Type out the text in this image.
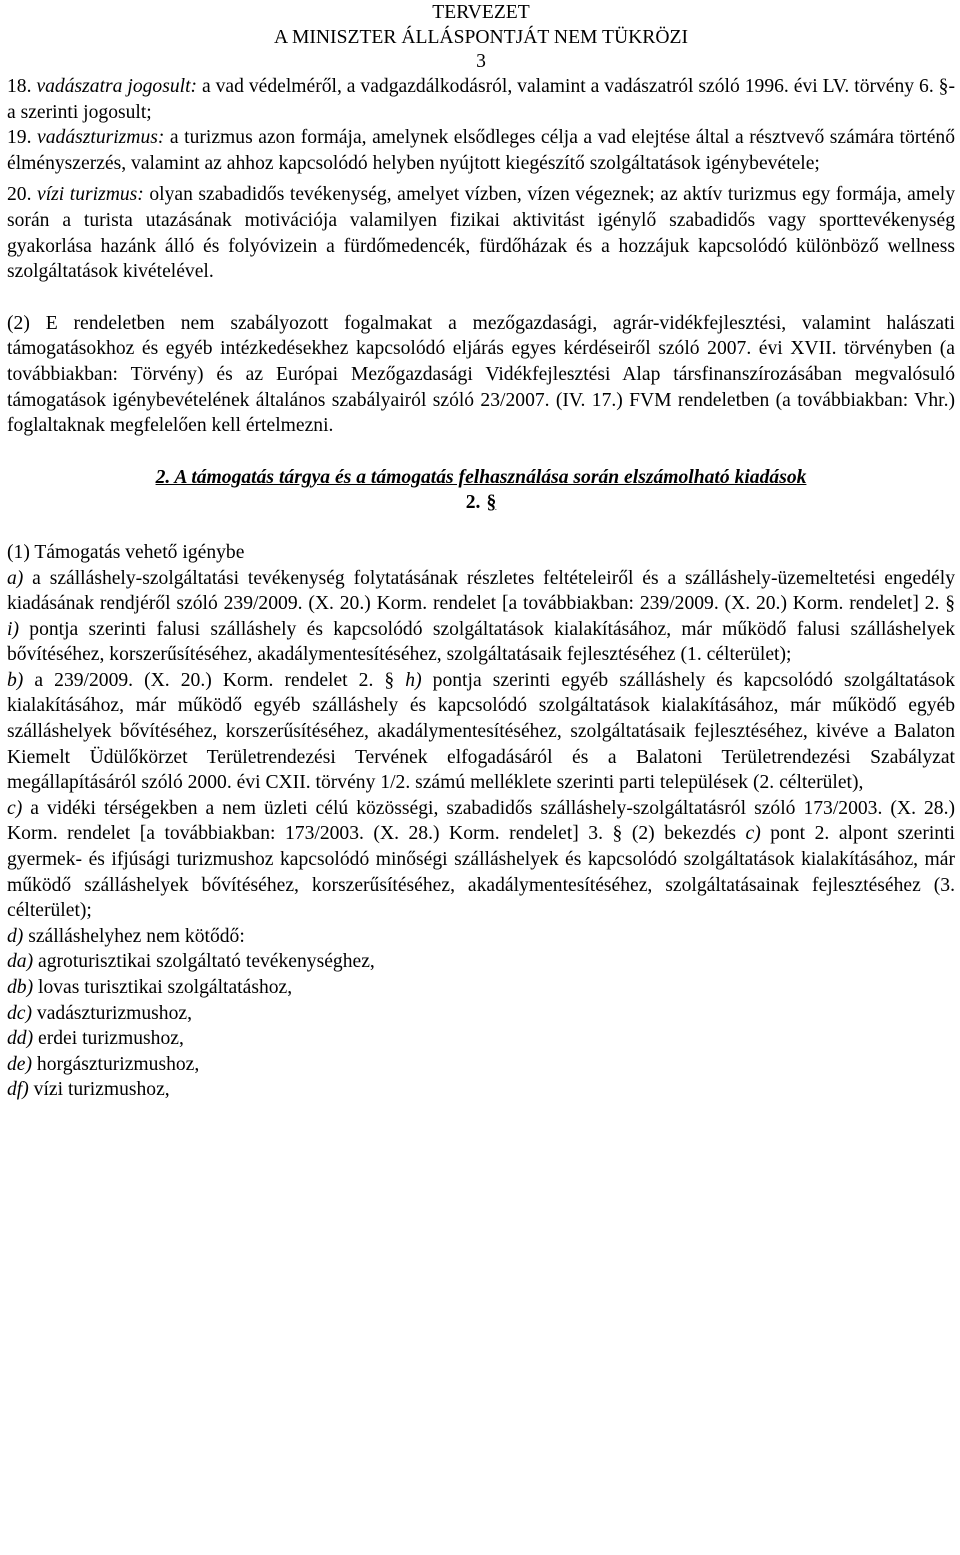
TERVEZET
A MINISZTER ÁLLÁSPONTJÁT NEM TÜKRÖZI
3

18. vadászatra jogosult: a vad védelméről, a vadgazdálkodásról, valamint a vadászatról szóló 1996. évi LV. törvény 6. §-a szerinti jogosult;

19. vadászturizmus: a turizmus azon formája, amelynek elsődleges célja a vad elejtése által a résztvevő számára történő élményszerzés, valamint az ahhoz kapcsolódó helyben nyújtott kiegészítő szolgáltatások igénybevétele;

20. vízi turizmus: olyan szabadidős tevékenység, amelyet vízben, vízen végeznek; az aktív turizmus egy formája, amely során a turista utazásának motivációja valamilyen fizikai aktivitást igénylő szabadidős vagy sporttevékenység gyakorlása hazánk álló és folyóvizein a fürdőmedencék, fürdőházak és a hozzájuk kapcsolódó különböző wellness szolgáltatások kivételével.

(2) E rendeletben nem szabályozott fogalmakat a mezőgazdasági, agrár-vidékfejlesztési, valamint halászati támogatásokhoz és egyéb intézkedésekhez kapcsolódó eljárás egyes kérdéseiről szóló 2007. évi XVII. törvényben (a továbbiakban: Törvény) és az Európai Mezőgazdasági Vidékfejlesztési Alap társfinanszírozásában megvalósuló támogatások igénybevételének általános szabályairól szóló 23/2007. (IV. 17.) FVM rendeletben (a továbbiakban: Vhr.) foglaltaknak megfelelően kell értelmezni.

2. A támogatás tárgya és a támogatás felhasználása során elszámolható kiadások
2. §

(1) Támogatás vehető igénybe

a) a szálláshely-szolgáltatási tevékenység folytatásának részletes feltételeiről és a szálláshely-üzemeltetési engedély kiadásának rendjéről szóló 239/2009. (X. 20.) Korm. rendelet [a továbbiakban: 239/2009. (X. 20.) Korm. rendelet] 2. § i) pontja szerinti falusi szálláshely és kapcsolódó szolgáltatások kialakításához, már működő falusi szálláshelyek bővítéséhez, korszerűsítéséhez, akadálymentesítéséhez, szolgáltatásaik fejlesztéséhez (1. célterület);

b) a 239/2009. (X. 20.) Korm. rendelet 2. § h) pontja szerinti egyéb szálláshely és kapcsolódó szolgáltatások kialakításához, már működő egyéb szálláshely és kapcsolódó szolgáltatások kialakításához, már működő egyéb szálláshelyek bővítéséhez, korszerűsítéséhez, akadálymentesítéséhez, szolgáltatásaik fejlesztéséhez, kivéve a Balaton Kiemelt Üdülőkörzet Területrendezési Tervének elfogadásáról és a Balatoni Területrendezési Szabályzat megállapításáról szóló 2000. évi CXII. törvény 1/2. számú melléklete szerinti parti települések (2. célterület),

c) a vidéki térségekben a nem üzleti célú közösségi, szabadidős szálláshely-szolgáltatásról szóló 173/2003. (X. 28.) Korm. rendelet [a továbbiakban: 173/2003. (X. 28.) Korm. rendelet] 3. § (2) bekezdés c) pont 2. alpont szerinti gyermek- és ifjúsági turizmushoz kapcsolódó minőségi szálláshelyek és kapcsolódó szolgáltatások kialakításához, már működő szálláshelyek bővítéséhez, korszerűsítéséhez, akadálymentesítéséhez, szolgáltatásainak fejlesztéséhez (3. célterület);

d) szálláshelyhez nem kötődő:

da) agroturisztikai szolgáltató tevékenységhez,

db) lovas turisztikai szolgáltatáshoz,

dc) vadászturizmushoz,

dd) erdei turizmushoz,

de) horgászturizmushoz,

df) vízi turizmushoz,
